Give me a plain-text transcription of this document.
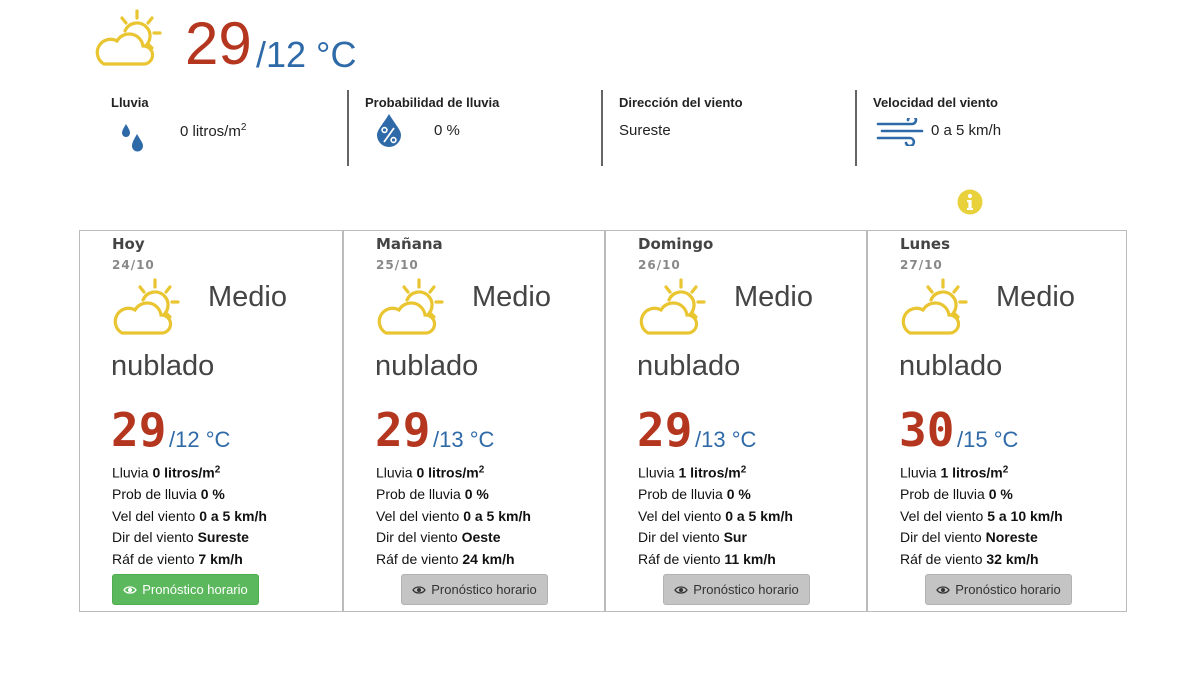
29 /12 °C
Lluvia
0 litros/$m^2$
Probabilidad de lluvia
0 %
Dirección del viento
Sureste
Velocidad del viento
0 a 5 km/h
Hoy
24/10
Medio
nublado
29 /12 °C
Lluvia 0 litros/$m^2$
Prob de lluvia 0 %
Vel del viento 0 a 5 km/h
Dir del viento Sureste
Ráf de viento 7 km/h
Pronóstico horario
Mañana
25/10
Medio
nublado
29 /13 °C
Lluvia 0 litros/$m^2$
Prob de lluvia 0 %
Vel del viento 0 a 5 km/h
Dir del viento Oeste
Ráf de viento 24 km/h
Pronóstico horario
Domingo
26/10
Medio
nublado
29 /13 °C
Lluvia 1 litros/$m^2$
Prob de lluvia 0 %
Vel del viento 0 a 5 km/h
Dir del viento Sur
Ráf de viento 11 km/h
Pronóstico horario
Lunes
27/10
Medio
nublado
30 /15 °C
Lluvia 1 litros/$m^2$
Prob de lluvia 0 %
Vel del viento 5 a 10 km/h
Dir del viento Noreste
Ráf de viento 32 km/h
Pronóstico horario
